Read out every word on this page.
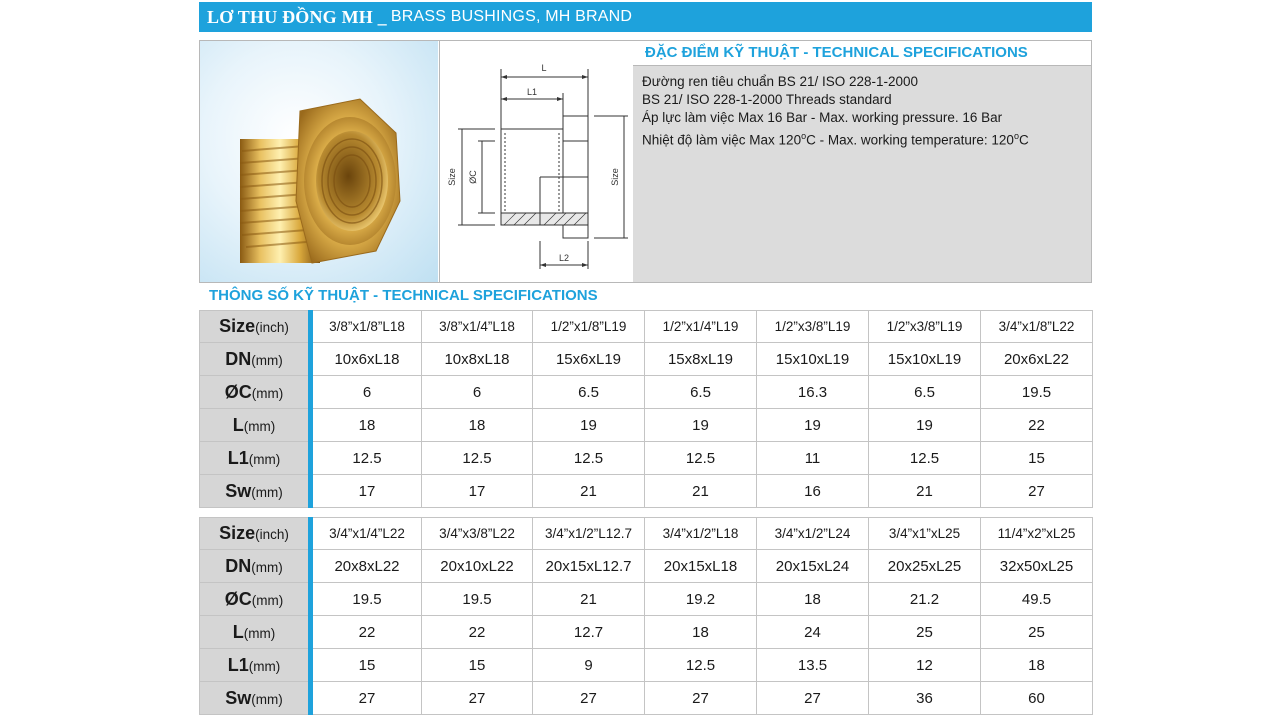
LƠ THU ĐỒNG MH _ BRASS BUSHINGS, MH BRAND
L
L1
L2
Size ØC	Size
ĐẶC ĐIỂM KỸ THUẬT - TECHNICAL SPECIFICATIONS
Đường ren tiêu chuẩn BS 21/ ISO 228-1-2000
BS 21/ ISO 228-1-2000 Threads standard
Áp lực làm việc Max 16 Bar - Max. working pressure. 16 Bar
Nhiệt độ làm việc Max 120$^o$C - Max. working temperature: 120$^o$C
THÔNG SỐ KỸ THUẬT - TECHNICAL SPECIFICATIONS
Size(inch)	3/8”x1/8”L18	3/8”x1/4”L18	1/2”x1/8”L19	1/2”x1/4”L19	1/2”x3/8”L19	1/2”x3/8”L19	3/4”x1/8”L22
DN(mm)	10x6xL18	10x8xL18	15x6xL19	15x8xL19	15x10xL19	15x10xL19	20x6xL22
ØC(mm)	6	6	6.5	6.5	16.3	6.5	19.5
L(mm)	18	18	19	19	19	19	22
L1(mm)	12.5	12.5	12.5	12.5	11	12.5	15
Sw(mm)	17	17	21	21	16	21	27
Size(inch)	3/4”x1/4”L22	3/4”x3/8”L22	3/4”x1/2”L12.7	3/4”x1/2”L18	3/4”x1/2”L24	3/4”x1”xL25	11/4”x2”xL25
DN(mm)	20x8xL22	20x10xL22	20x15xL12.7	20x15xL18	20x15xL24	20x25xL25	32x50xL25
ØC(mm)	19.5	19.5	21	19.2	18	21.2	49.5
L(mm)	22	22	12.7	18	24	25	25
L1(mm)	15	15	9	12.5	13.5	12	18
Sw(mm)	27	27	27	27	27	36	60
